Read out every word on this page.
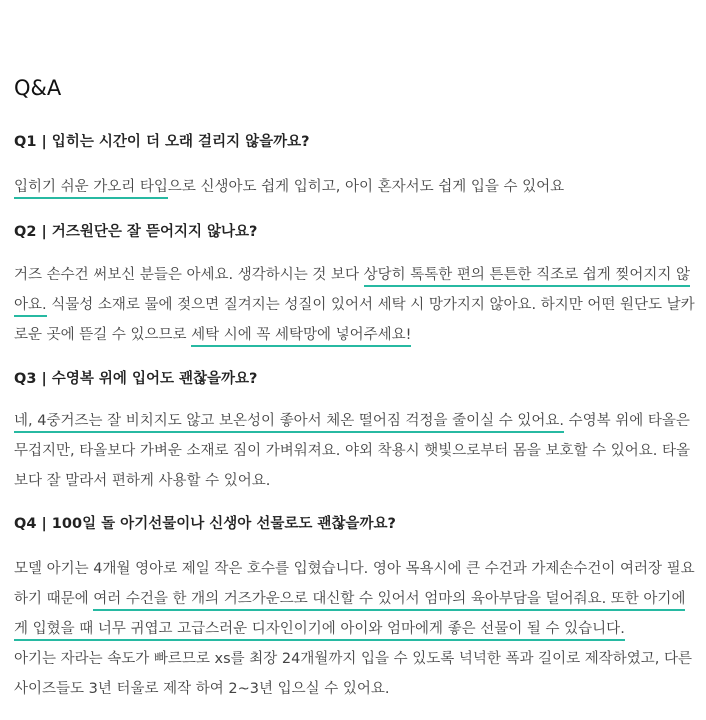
Q&A

Q1 | 입히는 시간이 더 오래 걸리지 않을까요?

입히기 쉬운 가오리 타입으로 신생아도 쉽게 입히고, 아이 혼자서도 쉽게 입을 수 있어요

Q2 | 거즈원단은 잘 뜯어지지 않나요?

거즈 손수건 써보신 분들은 아세요. 생각하시는 것 보다 상당히 톡톡한 편의 튼튼한 직조로 쉽게 찢어지지 않아요. 식물성 소재로 물에 젖으면 질겨지는 성질이 있어서 세탁 시 망가지지 않아요. 하지만 어떤 원단도 날카로운 곳에 뜯길 수 있으므로 세탁 시에 꼭 세탁망에 넣어주세요!

Q3 | 수영복 위에 입어도 괜찮을까요?

네, 4중거즈는 잘 비치지도 않고 보온성이 좋아서 체온 떨어짐 걱정을 줄이실 수 있어요. 수영복 위에 타올은 무겁지만, 타올보다 가벼운 소재로 짐이 가벼워져요. 야외 착용시 햇빛으로부터 몸을 보호할 수 있어요. 타올보다 잘 말라서 편하게 사용할 수 있어요.

Q4 | 100일 돌 아기선물이나 신생아 선물로도 괜찮을까요?

모델 아기는 4개월 영아로 제일 작은 호수를 입혔습니다. 영아 목욕시에 큰 수건과 가제손수건이 여러장 필요하기 때문에 여러 수건을 한 개의 거즈가운으로 대신할 수 있어서 엄마의 육아부담을 덜어줘요. 또한 아기에게 입혔을 때 너무 귀엽고 고급스러운 디자인이기에 아이와 엄마에게 좋은 선물이 될 수 있습니다.
아기는 자라는 속도가 빠르므로 xs를 최장 24개월까지 입을 수 있도록 넉넉한 폭과 길이로 제작하였고, 다른 사이즈들도 3년 터울로 제작 하여 2~3년 입으실 수 있어요.
